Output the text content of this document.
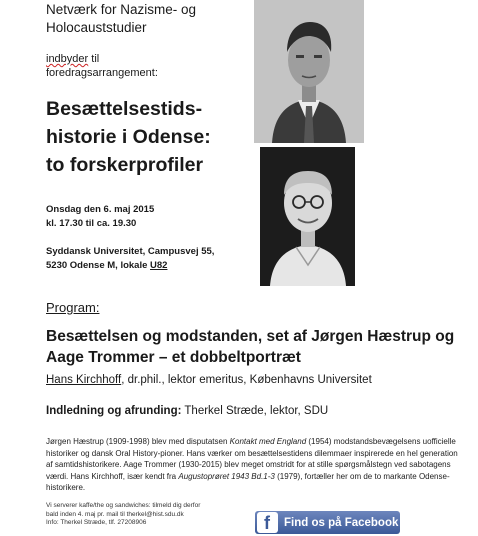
Netværk for Nazisme- og
Holocauststudier
indbyder til
foredragsarrangement:
Besættelsestids-
historie i Odense:
to forskerprofiler
Onsdag den 6. maj 2015
kl. 17.30 til ca. 19.30
Syddansk Universitet, Campusvej 55,
5230 Odense M, lokale U82
Program:
Besættelsen og modstanden, set af Jørgen Hæstrup og Aage Trommer – et dobbeltportræt
Hans Kirchhoff, dr.phil., lektor emeritus, Københavns Universitet
Indledning og afrunding: Therkel Stræde, lektor, SDU
Jørgen Hæstrup (1909-1998) blev med disputatsen Kontakt med England (1954) modstandsbevægelsens uofficielle historiker og dansk Oral History-pioner. Hans værker om besættelsestidens dilemmaer inspirerede en hel generation af samtidshistorikere. Aage Trommer (1930-2015) blev meget omstridt for at stille spørgsmålstegn ved sabotagens værdi. Hans Kirchhoff, især kendt fra Augustoprøret 1943 Bd.1-3 (1979), fortæller her om de to markante Odense-historikere.
Vi serverer kaffe/the og sandwiches: tilmeld dig derfor
bald inden 4. maj pr. mail til therkel@hist.sdu.dk
Info: Therkel Stræde, tlf. 27208906	f Find os på Facebook
